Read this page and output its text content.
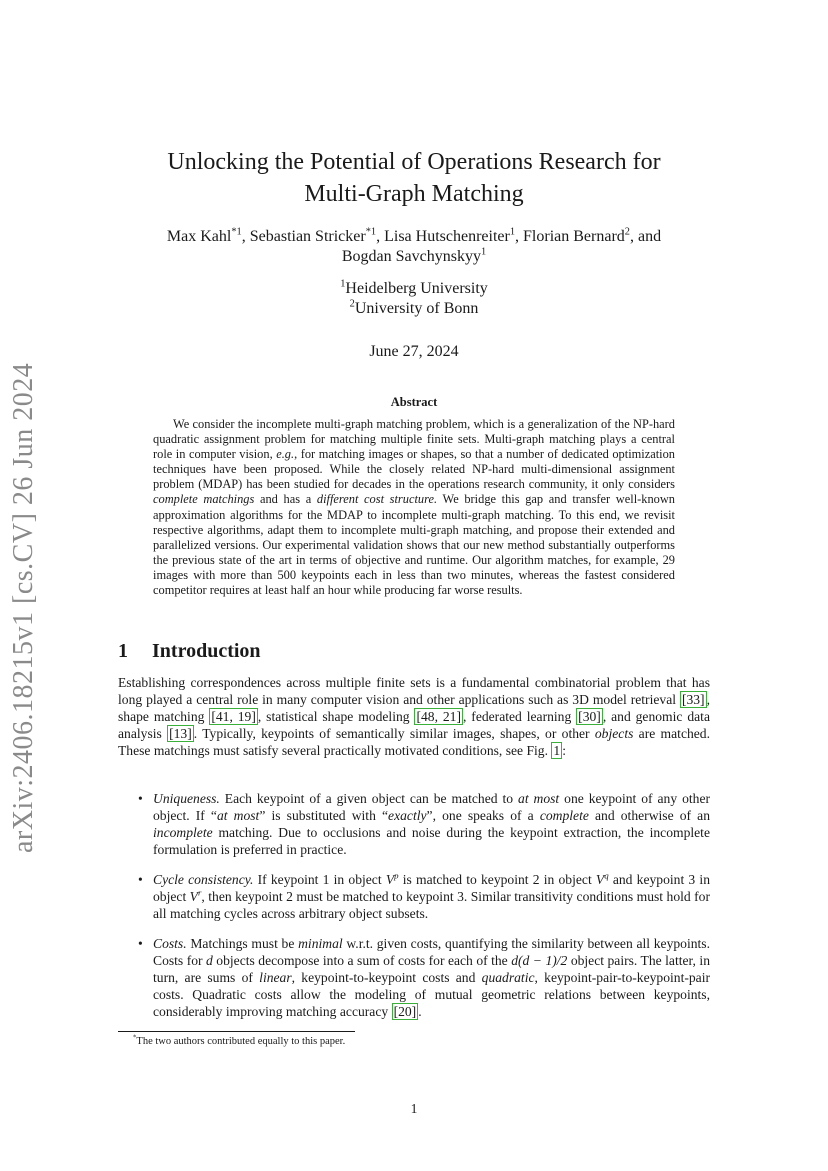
arXiv:2406.18215v1 [cs.CV] 26 Jun 2024
Unlocking the Potential of Operations Research for
Multi-Graph Matching
Max Kahl$^{*1}$, Sebastian Stricker$^{*1}$, Lisa Hutschenreiter$^1$, Florian Bernard$^2$, and
Bogdan Savchynskyy$^1$
$^1$Heidelberg University
$^2$University of Bonn
June 27, 2024
Abstract
We consider the incomplete multi-graph matching problem, which is a generalization of the NP-hard quadratic assignment problem for matching multiple finite sets. Multi-graph matching plays a central role in computer vision, e.g., for matching images or shapes, so that a number of dedicated optimization techniques have been proposed. While the closely related NP-hard multi-dimensional assignment problem (MDAP) has been studied for decades in the operations research community, it only considers complete matchings and has a different cost structure. We bridge this gap and transfer well-known approximation algorithms for the MDAP to incomplete multi-graph matching. To this end, we revisit respective algorithms, adapt them to incomplete multi-graph matching, and propose their extended and parallelized versions. Our experimental validation shows that our new method substantially outperforms the previous state of the art in terms of objective and runtime. Our algorithm matches, for example, 29 images with more than 500 keypoints each in less than two minutes, whereas the fastest considered competitor requires at least half an hour while producing far worse results.
1 Introduction
Establishing correspondences across multiple finite sets is a fundamental combinatorial problem that has long played a central role in many computer vision and other applications such as 3D model retrieval [33] , shape matching [41, 19] , statistical shape modeling [48, 21] , federated learning [30] , and genomic data analysis [13] . Typically, keypoints of semantically similar images, shapes, or other objects are matched. These matchings must satisfy several practically motivated conditions, see Fig. 1 :
• Uniqueness. Each keypoint of a given object can be matched to at most one keypoint of any other object. If “at most” is substituted with “exactly”, one speaks of a complete and otherwise of an incomplete matching. Due to occlusions and noise during the keypoint extraction, the incomplete formulation is preferred in practice.
• Cycle consistency. If keypoint 1 in object $V^p$ is matched to keypoint 2 in object $V^q$ and keypoint 3 in object $V^r$, then keypoint 2 must be matched to keypoint 3. Similar transitivity conditions must hold for all matching cycles across arbitrary object subsets.
• Costs. Matchings must be minimal w.r.t. given costs, quantifying the similarity between all keypoints. Costs for d objects decompose into a sum of costs for each of the d(d − 1)/2 object pairs. The latter, in turn, are sums of linear, keypoint-to-keypoint costs and quadratic, keypoint-pair-to-keypoint-pair costs. Quadratic costs allow the modeling of mutual geometric relations between keypoints, considerably improving matching accuracy [20] .
*The two authors contributed equally to this paper.
1
